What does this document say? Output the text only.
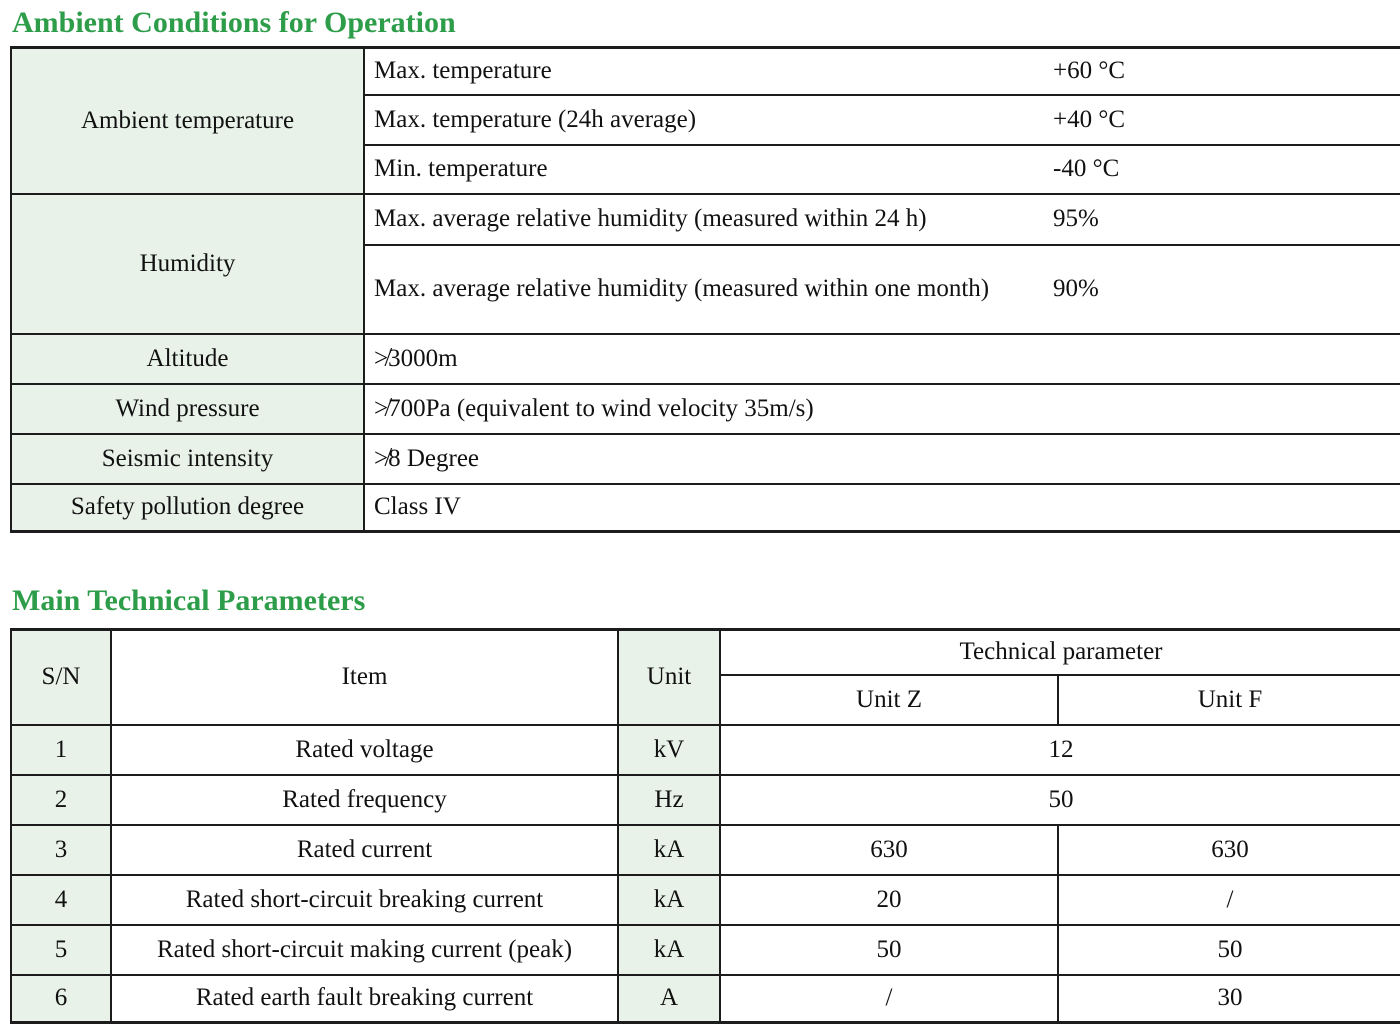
Ambient Conditions for Operation
Ambient temperature	Max. temperature	+60 °C
	Max. temperature (24h average)	+40 °C
	Min. temperature	-40 °C
Humidity	Max. average relative humidity (measured within 24 h)	95%
	Max. average relative humidity (measured within one month)	90%
Altitude	≯3000m	
Wind pressure	≯700Pa (equivalent to wind velocity 35m/s)	
Seismic intensity	≯8 Degree	
Safety pollution degree	Class IV	
Main Technical Parameters
S/N	Item	Unit	Technical parameter	
			Unit Z	Unit F
1	Rated voltage	kV	12	
2	Rated frequency	Hz	50	
3	Rated current	kA	630	630
4	Rated short-circuit breaking current	kA	20	/
5	Rated short-circuit making current (peak)	kA	50	50
6	Rated earth fault breaking current	A	/	30
